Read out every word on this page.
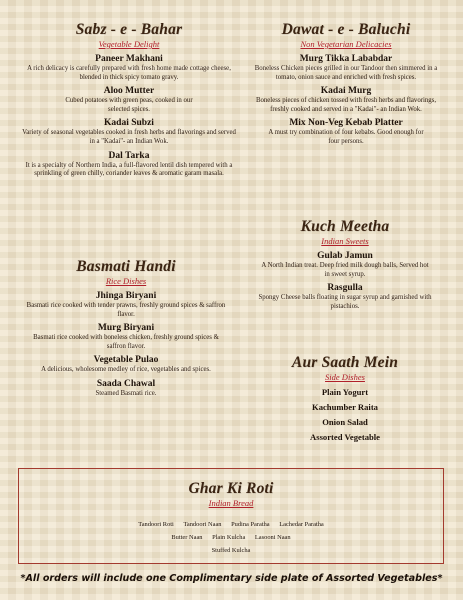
Sabz - e - Bahar
Vegetable Delight
Paneer Makhani
A rich delicacy is carefully prepared with fresh home made cottage cheese, blended in thick spicy tomato gravy.
Aloo Mutter
Cubed potatoes with green peas, cooked in our selected spices.
Kadai Subzi
Variety of seasonal vegetables cooked in fresh herbs and flavorings and served in a "Kadai"- an Indian Wok.
Dal Tarka
It is a specialty of Northern India, a full-flavored lentil dish tempered with a sprinkling of green chilly, coriander leaves & aromatic garam masala.
Dawat - e - Baluchi
Non Vegetarian Delicacies
Murg Tikka Lababdar
Boneless Chicken pieces grilled in our Tandoor then simmered in a tomato, onion sauce and enriched with fresh spices.
Kadai Murg
Boneless pieces of chicken tossed with fresh herbs and flavorings, freshly cooked and served in a "Kadai"- an Indian Wok.
Mix Non-Veg Kebab Platter
A must try combination of four kebabs. Good enough for four persons.
Kuch Meetha
Indian Sweets
Gulab Jamun
A North Indian treat. Deep fried milk dough balls, Served hot in sweet syrup.
Rasgulla
Spongy Cheese balls floating in sugar syrup and garnished with pistachios.
Basmati Handi
Rice Dishes
Jhinga Biryani
Basmati rice cooked with tender prawns, freshly ground spices & saffron flavor.
Murg Biryani
Basmati rice cooked with boneless chicken, freshly ground spices & saffron flavor.
Vegetable Pulao
A delicious, wholesome medley of rice, vegetables and spices.
Saada Chawal
Steamed Basmati rice.
Aur Saath Mein
Side Dishes
Plain Yogurt
Kachumber Raita
Onion Salad
Assorted Vegetable
Ghar Ki Roti
Indian Bread
Tandoori Roti Tandoori Naan Pudina Paratha Lachedar Paratha
Butter Naan Plain Kulcha Lasooni Naan
Stuffed Kulcha
*All orders will include one Complimentary side plate of Assorted Vegetables*
